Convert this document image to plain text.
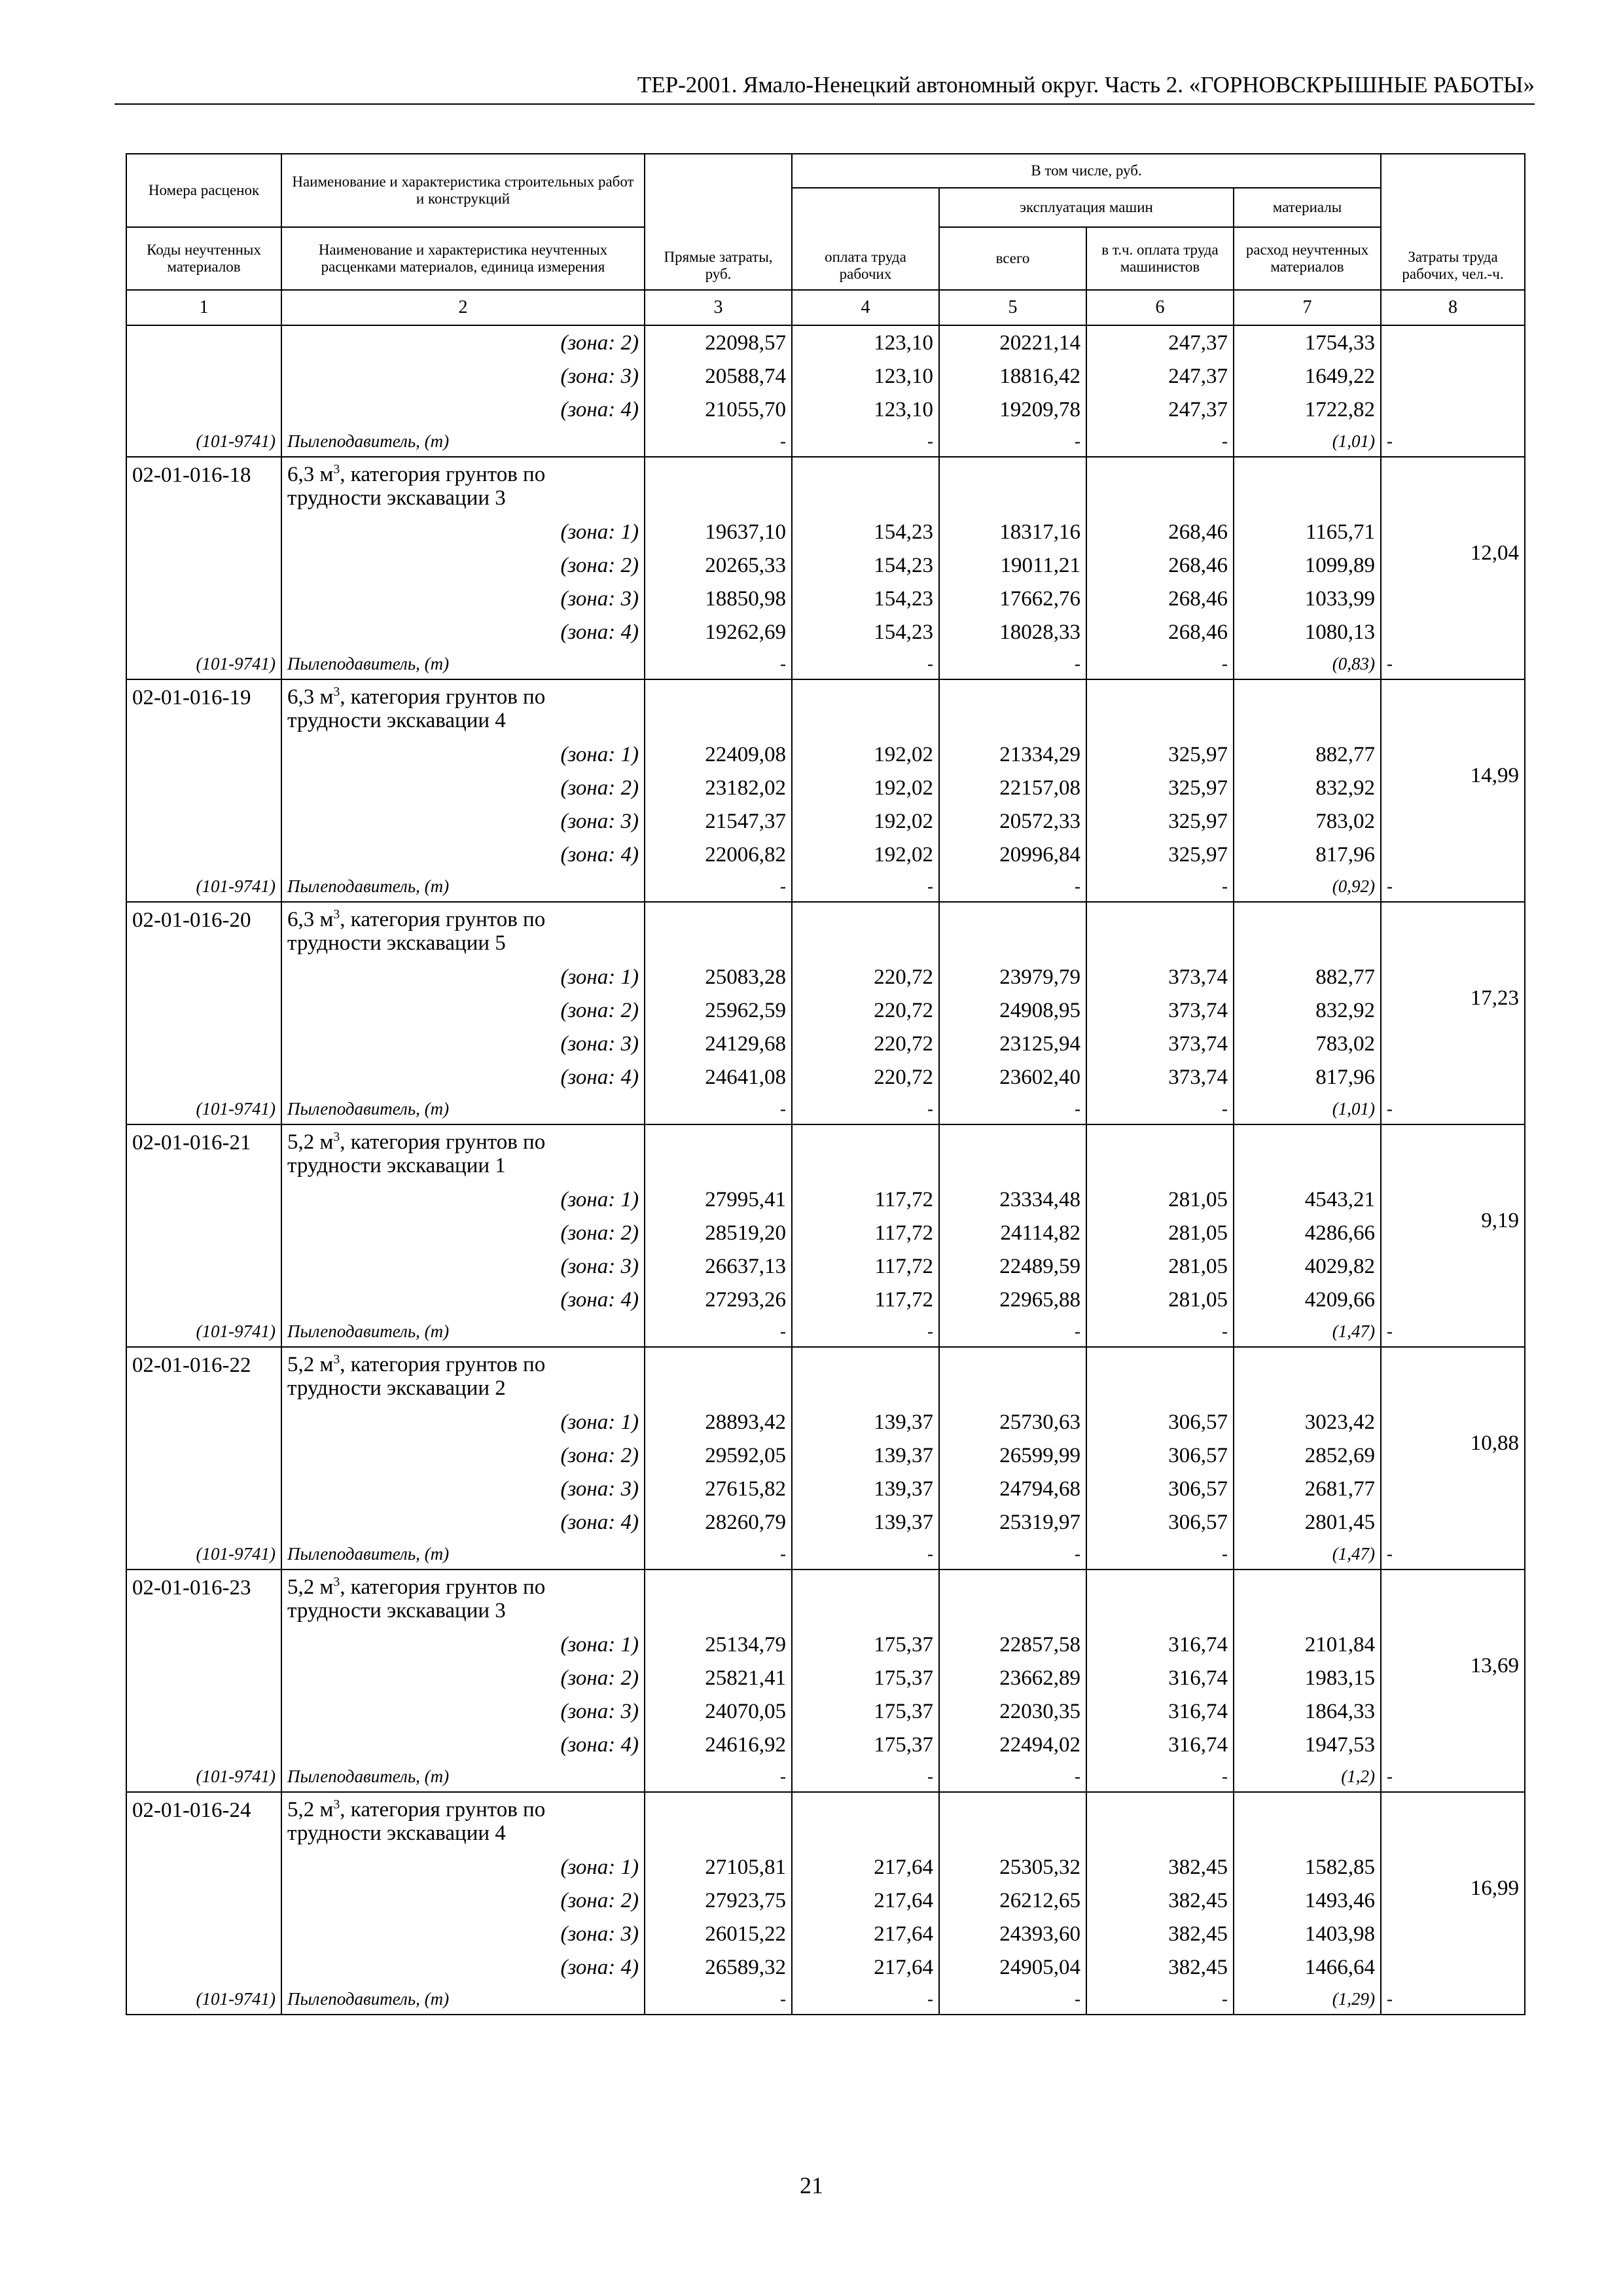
ТЕР-2001. Ямало-Ненецкий автономный округ. Часть 2. «ГОРНОВСКРЫШНЫЕ РАБОТЫ»
Номера расценок	Наименование и характеристика строительных работ и конструкций	Прямые затраты, руб.	В том числе, руб.				Затраты труда рабочих, чел.-ч.
			оплата труда рабочих	эксплуатация машин		материалы	
Коды неучтенных материалов	Наименование и характеристика неучтенных расценками материалов, единица измерения			всего	в т.ч. оплата труда машинистов	расход неучтенных материалов	

1	2	3	4	5	6	7	8
	(зона: 2)	22098,57	123,10	20221,14	247,37	1754,33	
	(зона: 3)	20588,74	123,10	18816,42	247,37	1649,22	
	(зона: 4)	21055,70	123,10	19209,78	247,37	1722,82	
(101-9741)	Пылеподавитель, (т)	-	-	-	-	(1,01)	-
02-01-016-18	6,3 $м^3$, категория грунтов по трудности экскавации 3						12,04
	(зона: 1)	19637,10	154,23	18317,16	268,46	1165,71	
	(зона: 2)	20265,33	154,23	19011,21	268,46	1099,89	
	(зона: 3)	18850,98	154,23	17662,76	268,46	1033,99	
	(зона: 4)	19262,69	154,23	18028,33	268,46	1080,13	
(101-9741)	Пылеподавитель, (т)	-	-	-	-	(0,83)	-
02-01-016-19	6,3 $м^3$, категория грунтов по трудности экскавации 4						14,99
	(зона: 1)	22409,08	192,02	21334,29	325,97	882,77	
	(зона: 2)	23182,02	192,02	22157,08	325,97	832,92	
	(зона: 3)	21547,37	192,02	20572,33	325,97	783,02	
	(зона: 4)	22006,82	192,02	20996,84	325,97	817,96	
(101-9741)	Пылеподавитель, (т)	-	-	-	-	(0,92)	-
02-01-016-20	6,3 $м^3$, категория грунтов по трудности экскавации 5						17,23
	(зона: 1)	25083,28	220,72	23979,79	373,74	882,77	
	(зона: 2)	25962,59	220,72	24908,95	373,74	832,92	
	(зона: 3)	24129,68	220,72	23125,94	373,74	783,02	
	(зона: 4)	24641,08	220,72	23602,40	373,74	817,96	
(101-9741)	Пылеподавитель, (т)	-	-	-	-	(1,01)	-
02-01-016-21	5,2 $м^3$, категория грунтов по трудности экскавации 1						9,19
	(зона: 1)	27995,41	117,72	23334,48	281,05	4543,21	
	(зона: 2)	28519,20	117,72	24114,82	281,05	4286,66	
	(зона: 3)	26637,13	117,72	22489,59	281,05	4029,82	
	(зона: 4)	27293,26	117,72	22965,88	281,05	4209,66	
(101-9741)	Пылеподавитель, (т)	-	-	-	-	(1,47)	-
02-01-016-22	5,2 $м^3$, категория грунтов по трудности экскавации 2						10,88
	(зона: 1)	28893,42	139,37	25730,63	306,57	3023,42	
	(зона: 2)	29592,05	139,37	26599,99	306,57	2852,69	
	(зона: 3)	27615,82	139,37	24794,68	306,57	2681,77	
	(зона: 4)	28260,79	139,37	25319,97	306,57	2801,45	
(101-9741)	Пылеподавитель, (т)	-	-	-	-	(1,47)	-
02-01-016-23	5,2 $м^3$, категория грунтов по трудности экскавации 3						13,69
	(зона: 1)	25134,79	175,37	22857,58	316,74	2101,84	
	(зона: 2)	25821,41	175,37	23662,89	316,74	1983,15	
	(зона: 3)	24070,05	175,37	22030,35	316,74	1864,33	
	(зона: 4)	24616,92	175,37	22494,02	316,74	1947,53	
(101-9741)	Пылеподавитель, (т)	-	-	-	-	(1,2)	-
02-01-016-24	5,2 $м^3$, категория грунтов по трудности экскавации 4						16,99
	(зона: 1)	27105,81	217,64	25305,32	382,45	1582,85	
	(зона: 2)	27923,75	217,64	26212,65	382,45	1493,46	
	(зона: 3)	26015,22	217,64	24393,60	382,45	1403,98	
	(зона: 4)	26589,32	217,64	24905,04	382,45	1466,64	
(101-9741)	Пылеподавитель, (т)	-	-	-	-	(1,29)	-
21
